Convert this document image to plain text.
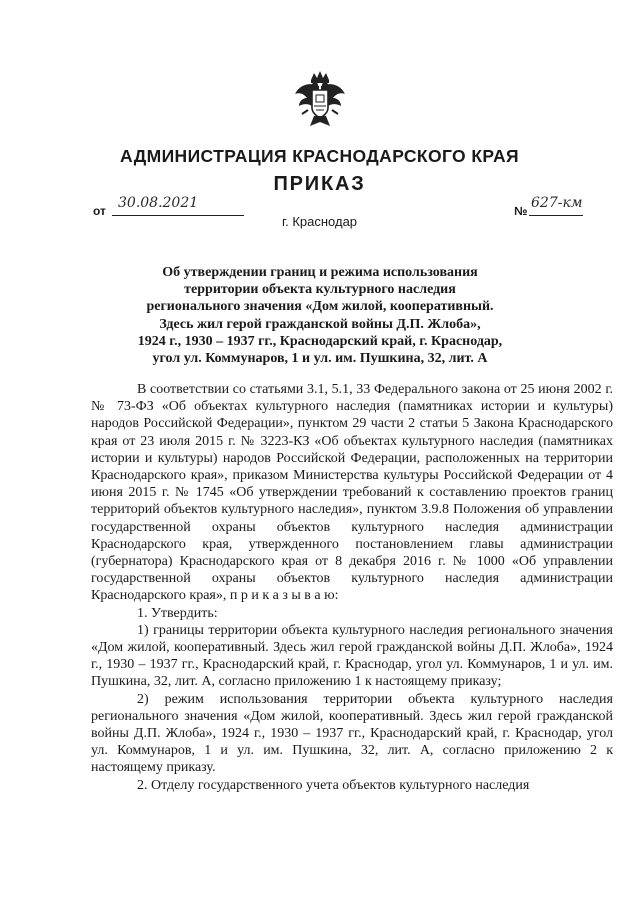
АДМИНИСТРАЦИЯ КРАСНОДАРСКОГО КРАЯ
ПРИКАЗ
от 30.08.2021
г. Краснодар
№ 627-км
Об утверждении границ и режима использования
территории объекта культурного наследия
регионального значения «Дом жилой, кооперативный.
Здесь жил герой гражданской войны Д.П. Жлоба»,
1924 г., 1930 – 1937 гг., Краснодарский край, г. Краснодар,
угол ул. Коммунаров, 1 и ул. им. Пушкина, 32, лит. А

В соответствии со статьями 3.1, 5.1, 33 Федерального закона от 25 июня 2002 г. № 73-ФЗ «Об объектах культурного наследия (памятниках истории и культуры) народов Российской Федерации», пунктом 29 части 2 статьи 5 Закона Краснодарского края от 23 июля 2015 г. № 3223-КЗ «Об объектах культурного наследия (памятниках истории и культуры) народов Российской Федерации, расположенных на территории Краснодарского края», приказом Министерства культуры Российской Федерации от 4 июня 2015 г. № 1745 «Об утверждении требований к составлению проектов границ территорий объектов культурного наследия», пунктом 3.9.8 Положения об управлении государственной охраны объектов культурного наследия администрации Краснодарского края, утвержденного постановлением главы администрации (губернатора) Краснодарского края от 8 декабря 2016 г. № 1000 «Об управлении государственной охраны объектов культурного наследия администрации Краснодарского края», п р и к а з ы в а ю:

1. Утвердить:

1) границы территории объекта культурного наследия регионального значения «Дом жилой, кооперативный. Здесь жил герой гражданской войны Д.П. Жлоба», 1924 г., 1930 – 1937 гг., Краснодарский край, г. Краснодар, угол ул. Коммунаров, 1 и ул. им. Пушкина, 32, лит. А, согласно приложению 1 к настоящему приказу;

2) режим использования территории объекта культурного наследия регионального значения «Дом жилой, кооперативный. Здесь жил герой гражданской войны Д.П. Жлоба», 1924 г., 1930 – 1937 гг., Краснодарский край, г. Краснодар, угол ул. Коммунаров, 1 и ул. им. Пушкина, 32, лит. А, согласно приложению 2 к настоящему приказу.

2. Отделу государственного учета объектов культурного наследия
